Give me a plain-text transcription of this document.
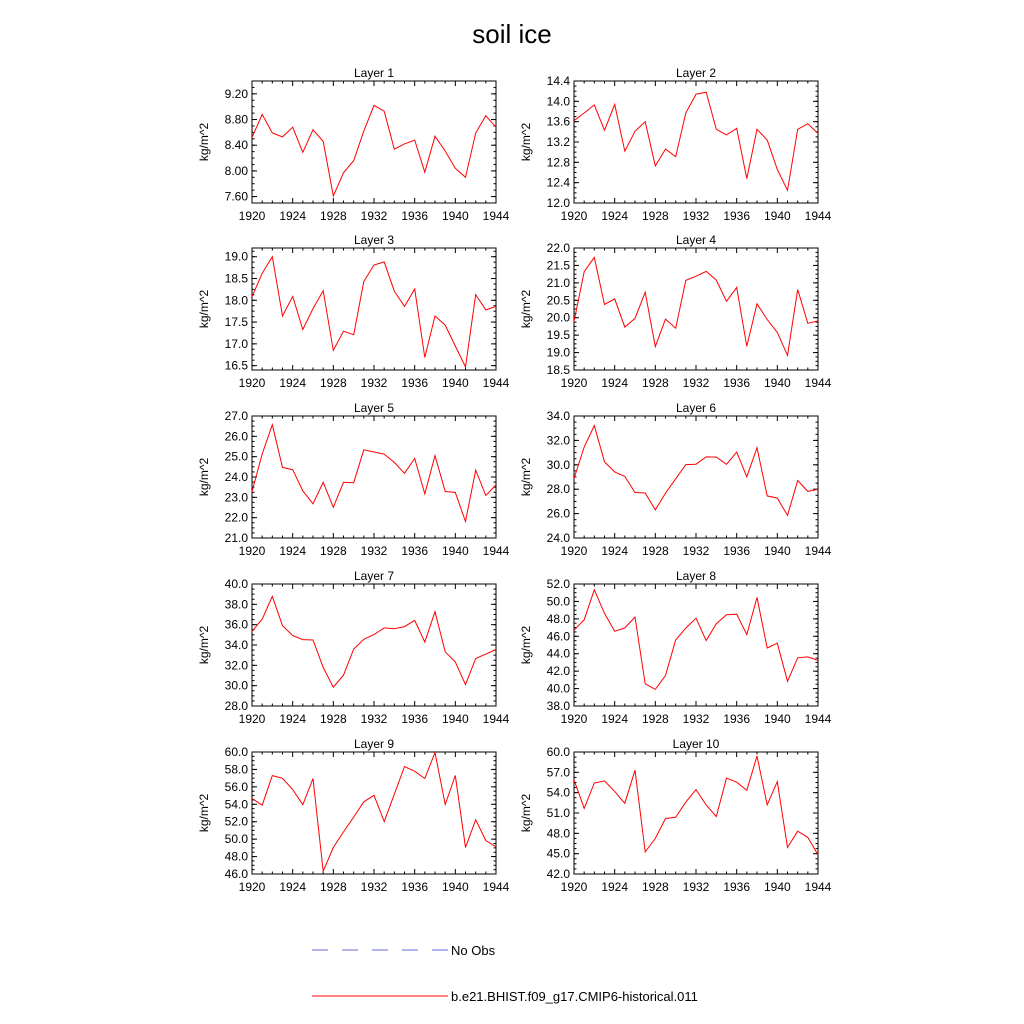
soil ice
Layer 1
kg/m^2
1920 1924 1928 1932 1936 1940 1944
7.60
8.00
8.40
8.80
9.20
Layer 2
kg/m^2
1920 1924 1928 1932 1936 1940 1944
12.0
12.4
12.8
13.2
13.6
14.0
14.4
Layer 3
kg/m^2
1920 1924 1928 1932 1936 1940 1944
16.5
17.0
17.5
18.0
18.5
19.0
Layer 4
kg/m^2
1920 1924 1928 1932 1936 1940 1944
18.5
19.0
19.5
20.0
20.5
21.0
21.5
22.0
Layer 5
kg/m^2
1920 1924 1928 1932 1936 1940 1944
21.0
22.0
23.0
24.0
25.0
26.0
27.0
Layer 6
kg/m^2
1920 1924 1928 1932 1936 1940 1944
24.0
26.0
28.0
30.0
32.0
34.0
Layer 7
kg/m^2
1920 1924 1928 1932 1936 1940 1944
28.0
30.0
32.0
34.0
36.0
38.0
40.0
Layer 8
kg/m^2
1920 1924 1928 1932 1936 1940 1944
38.0
40.0
42.0
44.0
46.0
48.0
50.0
52.0
Layer 9
kg/m^2
1920 1924 1928 1932 1936 1940 1944
46.0
48.0
50.0
52.0
54.0
56.0
58.0
60.0
Layer 10
kg/m^2
1920 1924 1928 1932 1936 1940 1944
42.0
45.0
48.0
51.0
54.0
57.0
60.0
No Obs
b.e21.BHIST.f09_g17.CMIP6-historical.011
